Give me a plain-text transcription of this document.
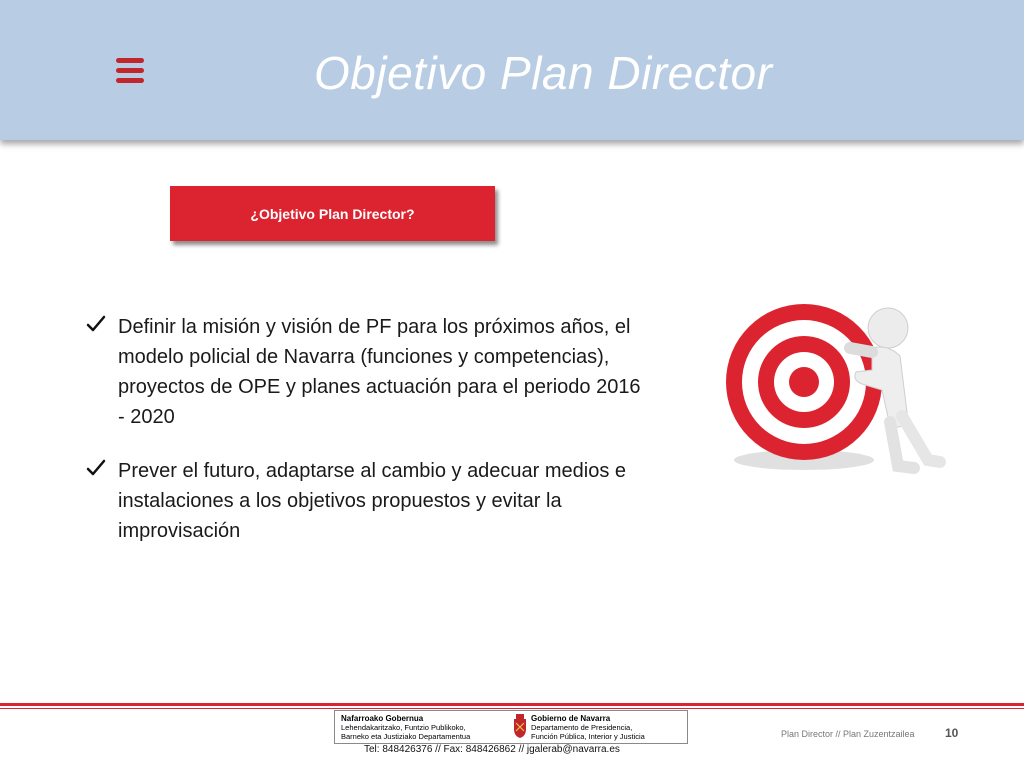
Objetivo Plan Director
¿Objetivo Plan Director?
Definir la misión y visión de PF para los próximos años, el modelo policial de Navarra (funciones y competencias), proyectos de OPE y planes actuación para el periodo 2016 - 2020
Prever el futuro, adaptarse al cambio y adecuar medios e instalaciones a los objetivos propuestos y evitar la improvisación
Nafarroako Gobernua
Lehendakaritzako, Funtzio Publikoko,
Barneko eta Justiziako Departamentua
Gobierno de Navarra
Departamento de Presidencia,
Función Pública, Interior y Justicia
Tel: 848426376 // Fax: 848426862 // jgalerab@navarra.es
Plan Director // Plan Zuzentzailea	10
